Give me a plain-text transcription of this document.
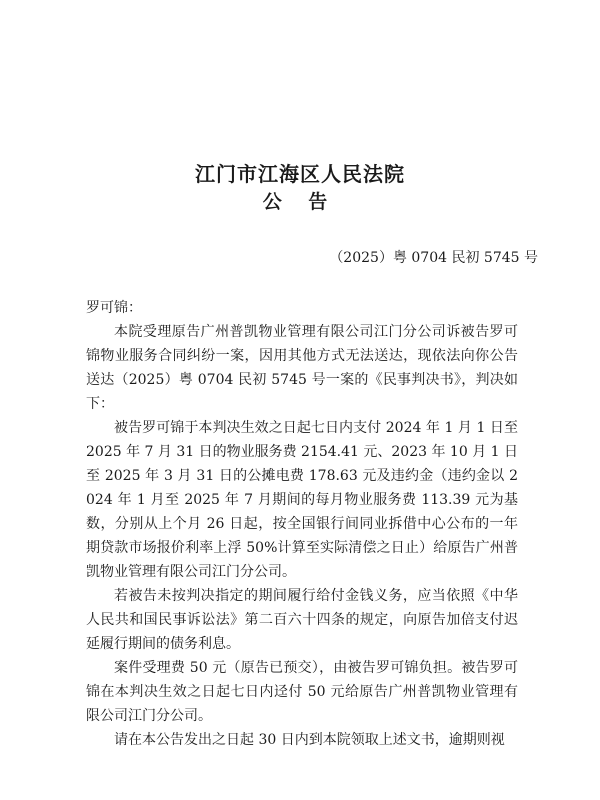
江门市江海区人民法院
公 告
（2025）粤 0704 民初 5745 号

罗可锦：

本院受理原告广州普凯物业管理有限公司江门分公司诉被告罗可锦物业服务合同纠纷一案，因用其他方式无法送达，现依法向你公告送达（2025）粤 0704 民初 5745 号一案的《民事判决书》，判决如下：

被告罗可锦于本判决生效之日起七日内支付 2024 年 1 月 1 日至 2025 年 7 月 31 日的物业服务费 2154.41 元、2023 年 10 月 1 日至 2025 年 3 月 31 日的公摊电费 178.63 元及违约金（违约金以 2024 年 1 月至 2025 年 7 月期间的每月物业服务费 113.39 元为基数，分别从上个月 26 日起，按全国银行间同业拆借中心公布的一年期贷款市场报价利率上浮 50%计算至实际清偿之日止）给原告广州普凯物业管理有限公司江门分公司。

若被告未按判决指定的期间履行给付金钱义务，应当依照《中华人民共和国民事诉讼法》第二百六十四条的规定，向原告加倍支付迟延履行期间的债务利息。

案件受理费 50 元（原告已预交），由被告罗可锦负担。被告罗可锦在本判决生效之日起七日内迳付 50 元给原告广州普凯物业管理有限公司江门分公司。

请在本公告发出之日起 30 日内到本院领取上述文书，逾期则视
